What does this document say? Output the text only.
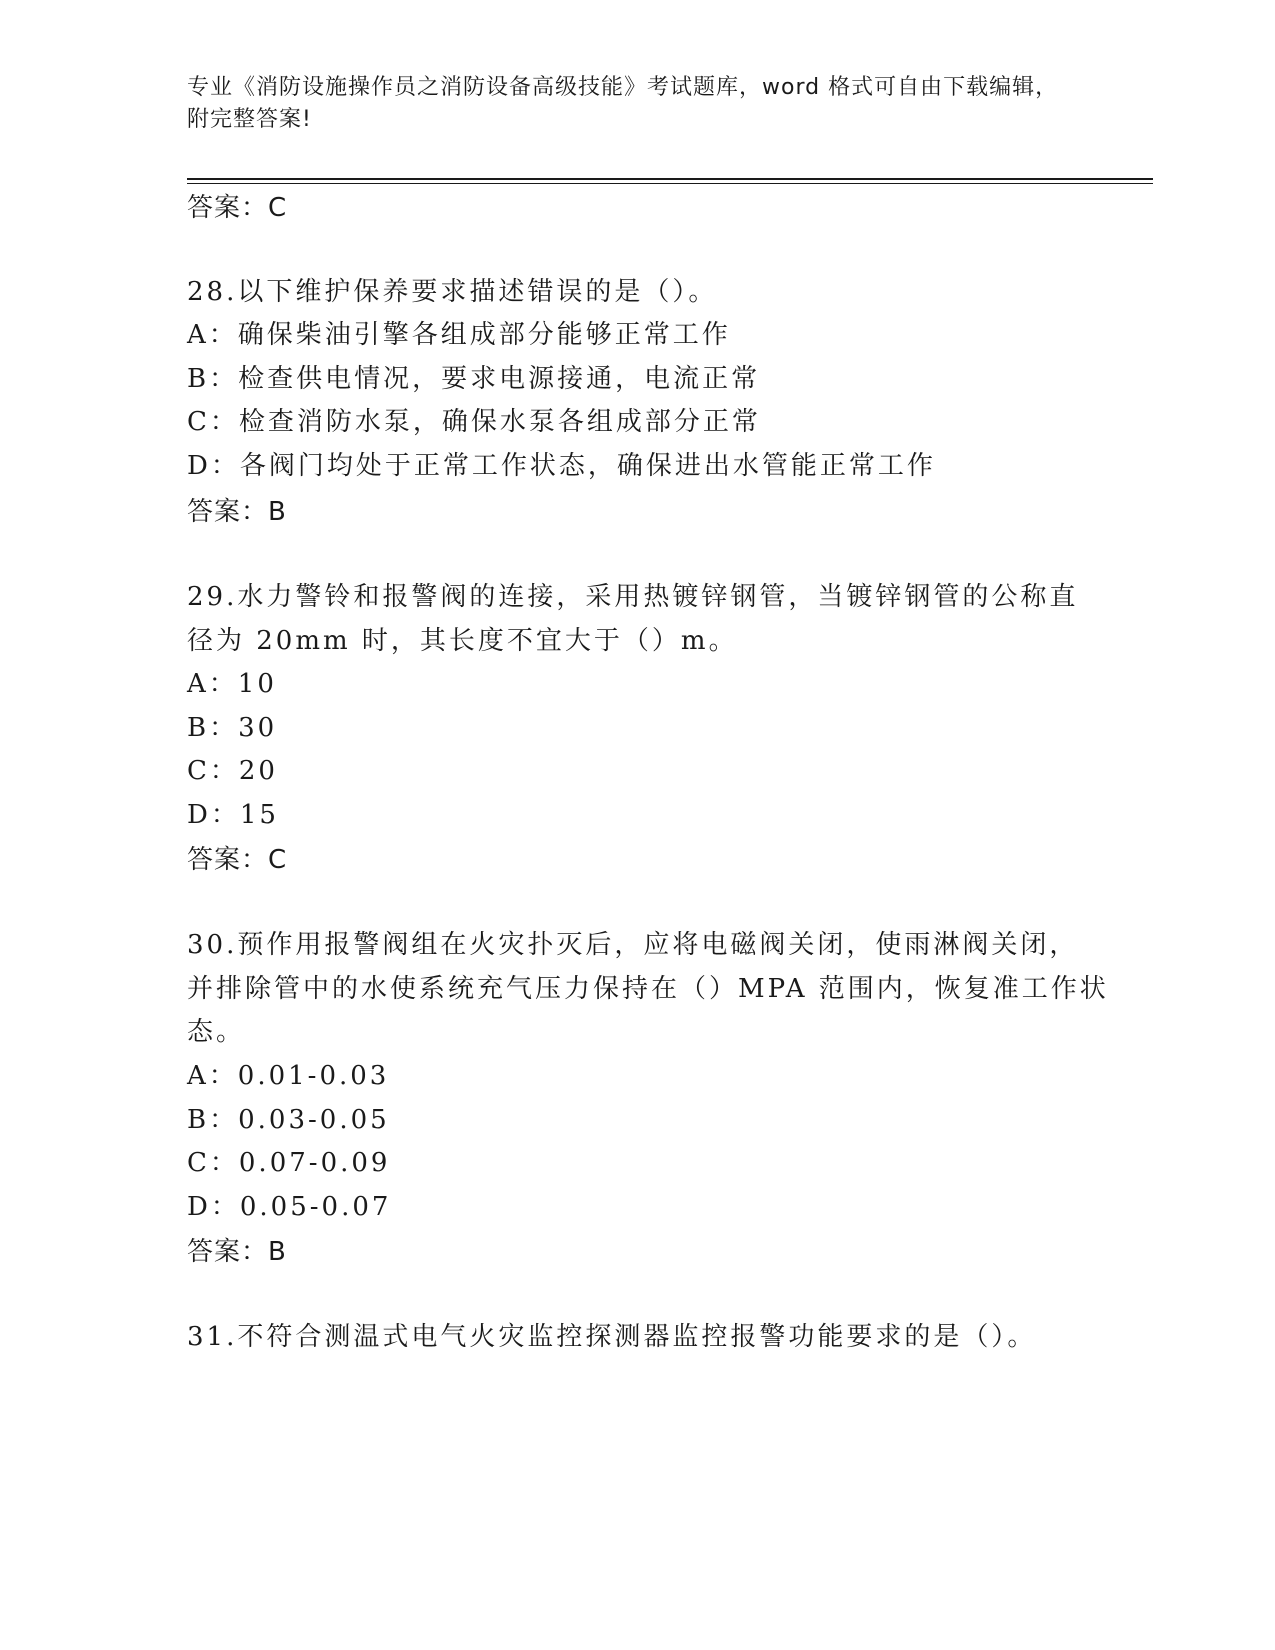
专业《消防设施操作员之消防设备高级技能》考试题库，word 格式可自由下载编辑，附完整答案!
答案：C
28.以下维护保养要求描述错误的是（）。
A：确保柴油引擎各组成部分能够正常工作
B：检查供电情况，要求电源接通，电流正常
C：检查消防水泵，确保水泵各组成部分正常
D：各阀门均处于正常工作状态，确保进出水管能正常工作
答案：B
29.水力警铃和报警阀的连接，采用热镀锌钢管，当镀锌钢管的公称直
径为 20mm 时，其长度不宜大于（）m。
A：10
B：30
C：20
D：15
答案：C
30.预作用报警阀组在火灾扑灭后，应将电磁阀关闭，使雨淋阀关闭，
并排除管中的水使系统充气压力保持在（）MPA 范围内，恢复准工作状
态。
A：0.01-0.03
B：0.03-0.05
C：0.07-0.09
D：0.05-0.07
答案：B
31.不符合测温式电气火灾监控探测器监控报警功能要求的是（）。
